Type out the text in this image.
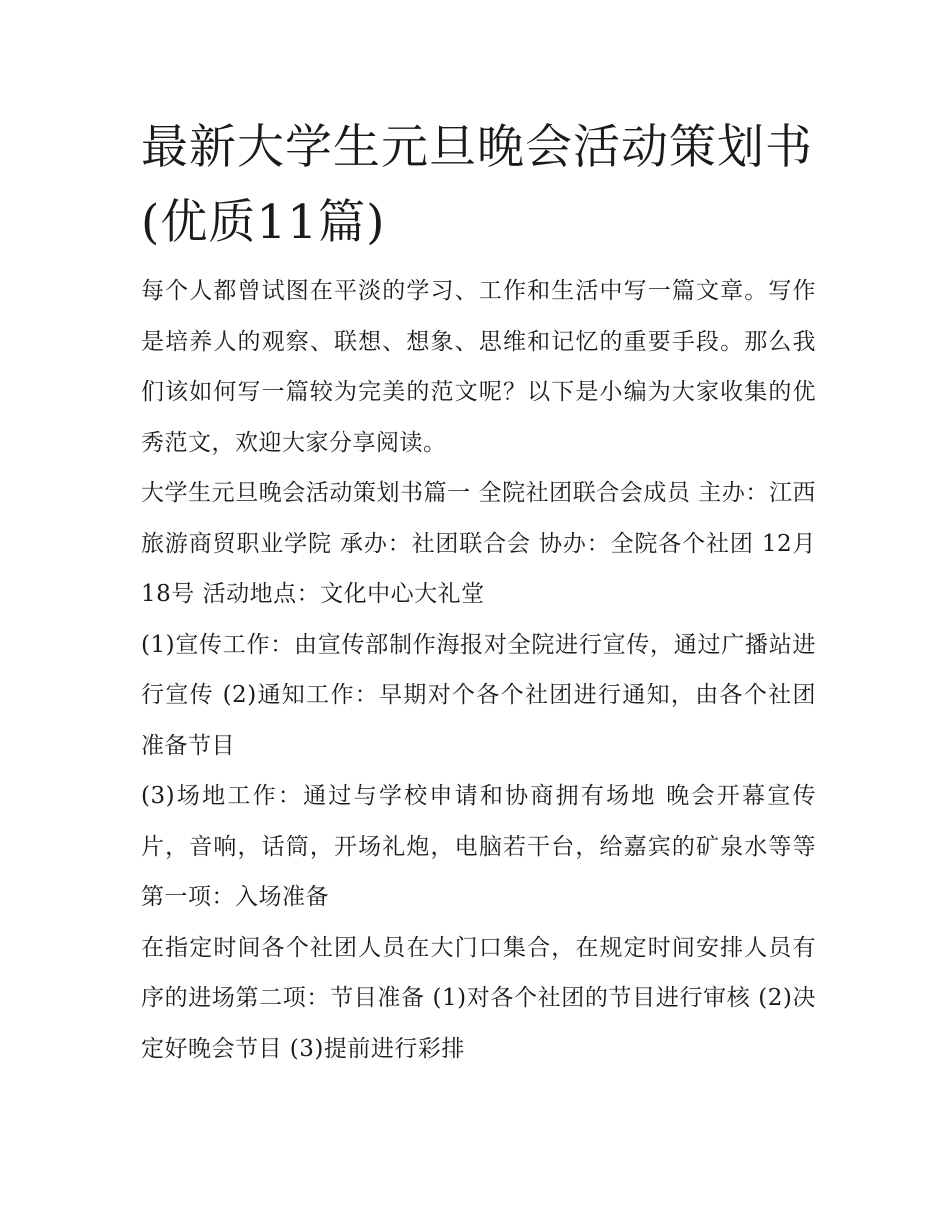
最新大学生元旦晚会活动策划书(优质11篇)

每个人都曾试图在平淡的学习、工作和生活中写一篇文章。写作是培养人的观察、联想、想象、思维和记忆的重要手段。那么我们该如何写一篇较为完美的范文呢？以下是小编为大家收集的优秀范文，欢迎大家分享阅读。

大学生元旦晚会活动策划书篇一 全院社团联合会成员 主办：江西旅游商贸职业学院 承办：社团联合会 协办：全院各个社团 12月18号 活动地点：文化中心大礼堂

(1)宣传工作：由宣传部制作海报对全院进行宣传，通过广播站进行宣传 (2)通知工作：早期对个各个社团进行通知，由各个社团准备节目

(3)场地工作：通过与学校申请和协商拥有场地 晚会开幕宣传片，音响，话筒，开场礼炮，电脑若干台，给嘉宾的矿泉水等等 第一项：入场准备

在指定时间各个社团人员在大门口集合，在规定时间安排人员有序的进场第二项：节目准备 (1)对各个社团的节目进行审核 (2)决定好晚会节目 (3)提前进行彩排
